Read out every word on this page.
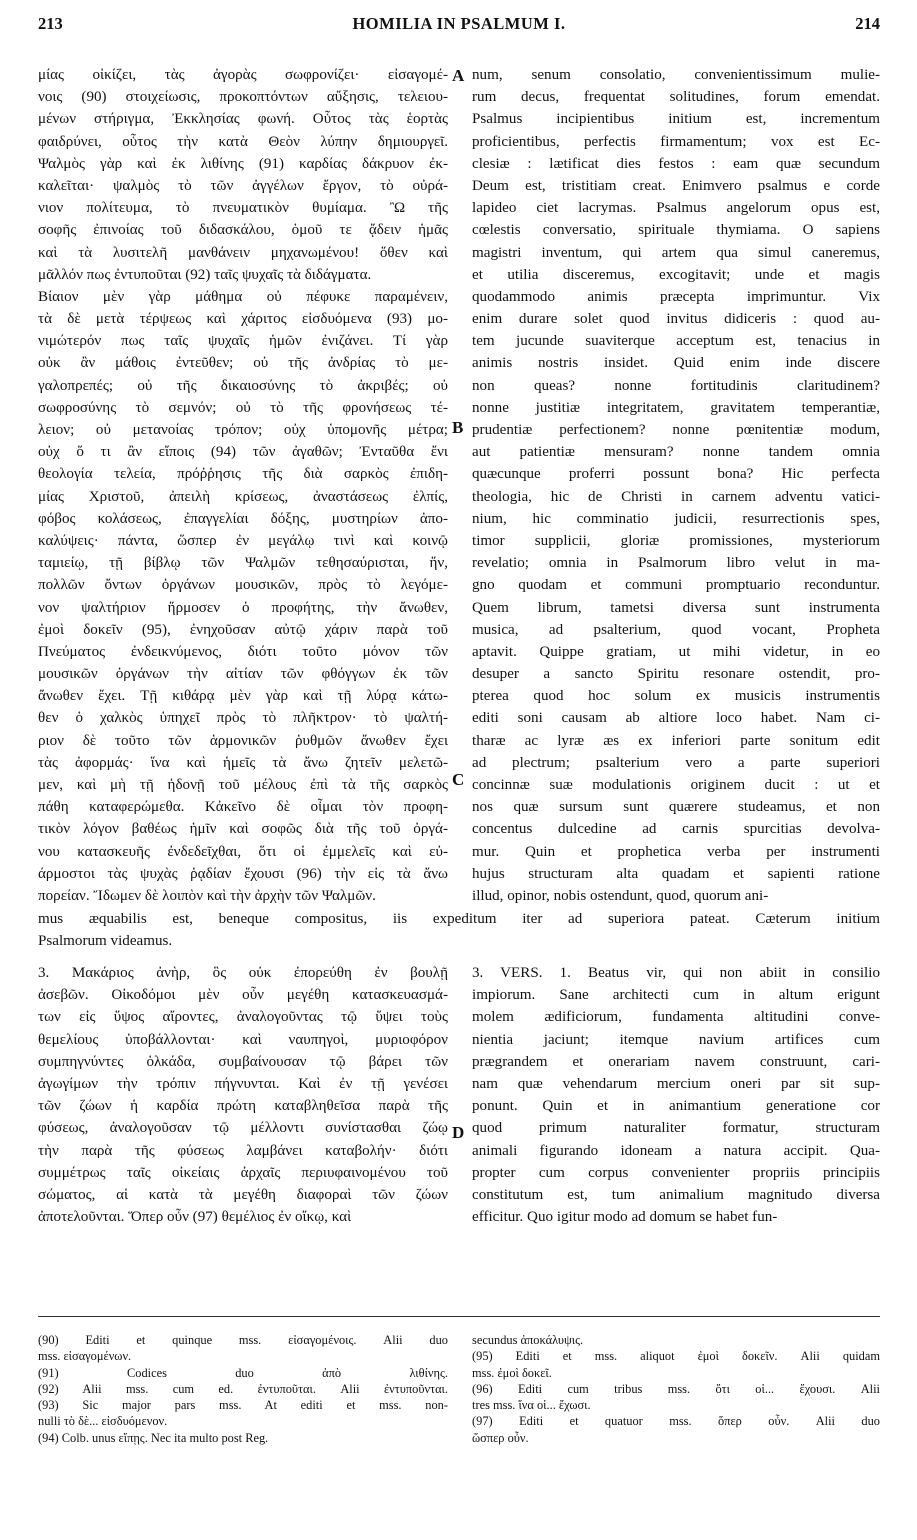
213	HOMILIA IN PSALMUM I.	214
A
B
C
D
μίας οἰκίζει, τὰς ἀγορὰς σωφρονίζει· εἰσαγομέ-
νοις (90) στοιχείωσις, προκοπτόντων αὔξησις, τελειου-
μένων στήριγμα, Ἐκκλησίας φωνή. Οὗτος τὰς ἑορτὰς
φαιδρύνει, οὗτος τὴν κατὰ Θεὸν λύπην δημιουργεῖ.
Ψαλμὸς γὰρ καὶ ἐκ λιθίνης (91) καρδίας δάκρυον ἐκ-
καλεῖται· ψαλμὸς τὸ τῶν ἀγγέλων ἔργον, τὸ οὐρά-
νιον πολίτευμα, τὸ πνευματικὸν θυμίαμα. Ὢ τῆς
σοφῆς ἐπινοίας τοῦ διδασκάλου, ὁμοῦ τε ᾄδειν ἡμᾶς
καὶ τὰ λυσιτελῆ μανθάνειν μηχανωμένου! ὅθεν καὶ
μᾶλλόν πως ἐντυποῦται (92) ταῖς ψυχαῖς τὰ διδάγματα.
Βίαιον μὲν γὰρ μάθημα οὐ πέφυκε παραμένειν,
τὰ δὲ μετὰ τέρψεως καὶ χάριτος εἰσδυόμενα (93) μο-
νιμώτερόν πως ταῖς ψυχαῖς ἡμῶν ἐνιζάνει. Τί γὰρ
οὐκ ἂν μάθοις ἐντεῦθεν; οὐ τῆς ἀνδρίας τὸ με-
γαλοπρεπές; οὐ τῆς δικαιοσύνης τὸ ἀκριβές; οὐ
σωφροσύνης τὸ σεμνόν; οὐ τὸ τῆς φρονήσεως τέ-
λειον; οὐ μετανοίας τρόπον; οὐχ ὑπομονῆς μέτρα;
οὐχ ὅ τι ἂν εἴποις (94) τῶν ἀγαθῶν; Ἐνταῦθα ἔνι
θεολογία τελεία, πρόῤῥησις τῆς διὰ σαρκὸς ἐπιδη-
μίας Χριστοῦ, ἀπειλὴ κρίσεως, ἀναστάσεως ἐλπίς,
φόβος κολάσεως, ἐπαγγελίαι δόξης, μυστηρίων ἀπο-
καλύψεις· πάντα, ὥσπερ ἐν μεγάλῳ τινὶ καὶ κοινῷ
ταμιείῳ, τῇ βίβλῳ τῶν Ψαλμῶν τεθησαύρισται, ἥν,
πολλῶν ὄντων ὀργάνων μουσικῶν, πρὸς τὸ λεγόμε-
νον ψαλτήριον ἥρμοσεν ὁ προφήτης, τὴν ἄνωθεν,
ἐμοὶ δοκεῖν (95), ἐνηχοῦσαν αὐτῷ χάριν παρὰ τοῦ
Πνεύματος ἐνδεικνύμενος, διότι τοῦτο μόνον τῶν
μουσικῶν ὀργάνων τὴν αἰτίαν τῶν φθόγγων ἐκ τῶν
ἄνωθεν ἔχει. Τῇ κιθάρᾳ μὲν γὰρ καὶ τῇ λύρᾳ κάτω-
θεν ὁ χαλκὸς ὑπηχεῖ πρὸς τὸ πλῆκτρον· τὸ ψαλτή-
ριον δὲ τοῦτο τῶν ἁρμονικῶν ῥυθμῶν ἄνωθεν ἔχει
τὰς ἀφορμάς· ἵνα καὶ ἡμεῖς τὰ ἄνω ζητεῖν μελετῶ-
μεν, καὶ μὴ τῇ ἡδονῇ τοῦ μέλους ἐπὶ τὰ τῆς σαρκὸς
πάθη καταφερώμεθα. Κἀκεῖνο δὲ οἶμαι τὸν προφη-
τικὸν λόγον βαθέως ἡμῖν καὶ σοφῶς διὰ τῆς τοῦ ὀργά-
νου κατασκευῆς ἐνδεδεῖχθαι, ὅτι οἱ ἐμμελεῖς καὶ εὐ-
άρμοστοι τὰς ψυχὰς ῥᾳδίαν ἔχουσι (96) τὴν εἰς τὰ ἄνω
πορείαν. Ἴδωμεν δὲ λοιπὸν καὶ τὴν ἀρχὴν τῶν Ψαλμῶν.
num, senum consolatio, convenientissimum mulie-
rum decus, frequentat solitudines, forum emendat.
Psalmus incipientibus initium est, incrementum
proficientibus, perfectis firmamentum; vox est Ec-
clesiæ : lætificat dies festos : eam quæ secundum
Deum est, tristitiam creat. Enimvero psalmus e corde
lapideo ciet lacrymas. Psalmus angelorum opus est,
cœlestis conversatio, spirituale thymiama. O sapiens
magistri inventum, qui artem qua simul caneremus,
et utilia disceremus, excogitavit; unde et magis
quodammodo animis præcepta imprimuntur. Vix
enim durare solet quod invitus didiceris : quod au-
tem jucunde suaviterque acceptum est, tenacius in
animis nostris insidet. Quid enim inde discere
non queas? nonne fortitudinis claritudinem?
nonne justitiæ integritatem, gravitatem temperantiæ,
prudentiæ perfectionem? nonne pœnitentiæ modum,
aut patientiæ mensuram? nonne tandem omnia
quæcunque proferri possunt bona? Hic perfecta
theologia, hic de Christi in carnem adventu vatici-
nium, hic comminatio judicii, resurrectionis spes,
timor supplicii, gloriæ promissiones, mysteriorum
revelatio; omnia in Psalmorum libro velut in ma-
gno quodam et communi promptuario reconduntur.
Quem librum, tametsi diversa sunt instrumenta
musica, ad psalterium, quod vocant, Propheta
aptavit. Quippe gratiam, ut mihi videtur, in eo
desuper a sancto Spiritu resonare ostendit, pro-
pterea quod hoc solum ex musicis instrumentis
editi soni causam ab altiore loco habet. Nam ci-
tharæ ac lyræ æs ex inferiori parte sonitum edit
ad plectrum; psalterium vero a parte superiori
concinnæ suæ modulationis originem ducit : ut et
nos quæ sursum sunt quærere studeamus, et non
concentus dulcedine ad carnis spurcitias devolva-
mur. Quin et prophetica verba per instrumenti
hujus structuram alta quadam et sapienti ratione
illud, opinor, nobis ostendunt, quod, quorum ani-
mus æquabilis est, beneque compositus, iis expeditum iter ad superiora pateat. Cæterum initium
Psalmorum videamus.
3. Μακάριος ἀνὴρ, ὃς οὐκ ἐπορεύθη ἐν βουλῇ
ἀσεβῶν. Οἰκοδόμοι μὲν οὖν μεγέθη κατασκευασμά-
των εἰς ὕψος αἴροντες, ἀναλογοῦντας τῷ ὕψει τοὺς
θεμελίους ὑποβάλλονται· καὶ ναυπηγοὶ, μυριοφόρον
συμπηγνύντες ὁλκάδα, συμβαίνουσαν τῷ βάρει τῶν
ἀγωγίμων τὴν τρόπιν πήγνυνται. Καὶ ἐν τῇ γενέσει
τῶν ζώων ἡ καρδία πρώτη καταβληθεῖσα παρὰ τῆς
φύσεως, ἀναλογοῦσαν τῷ μέλλοντι συνίστασθαι ζώῳ
τὴν παρὰ τῆς φύσεως λαμβάνει καταβολήν· διότι
συμμέτρως ταῖς οἰκείαις ἀρχαῖς περιυφαινομένου τοῦ
σώματος, αἱ κατὰ τὰ μεγέθη διαφοραὶ τῶν ζώων
ἀποτελοῦνται. Ὅπερ οὖν (97) θεμέλιος ἐν οἴκῳ, καὶ
3. VERS. 1. Beatus vir, qui non abiit in consilio
impiorum. Sane architecti cum in altum erigunt
molem ædificiorum, fundamenta altitudini conve-
nientia jaciunt; itemque navium artifices cum
prægrandem et onerariam navem construunt, cari-
nam quæ vehendarum mercium oneri par sit sup-
ponunt. Quin et in animantium generatione cor
quod primum naturaliter formatur, structuram
animali figurando idoneam a natura accipit. Qua-
propter cum corpus convenienter propriis principiis
constitutum est, tum animalium magnitudo diversa
efficitur. Quo igitur modo ad domum se habet fun-
(90) Editi et quinque mss. εἰσαγομένοις. Alii duo
mss. εἰσαγομένων.
(91) Codices duo ἀπὸ λιθίνης.
(92) Alii mss. cum ed. ἐντυποῦται. Alii ἐντυποῦνται.
(93) Sic major pars mss. At editi et mss. non-
nulli τὸ δὲ... εἰσδυόμενον.
(94) Colb. unus εἴπῃς. Nec ita multo post Reg.
secundus ἀποκάλυψις.
(95) Editi et mss. aliquot ἐμοὶ δοκεῖν. Alii quidam
mss. ἐμοὶ δοκεῖ.
(96) Editi cum tribus mss. ὅτι οἱ... ἔχουσι. Alii
tres mss. ἵνα οἱ... ἔχωσι.
(97) Editi et quatuor mss. ὅπερ οὖν. Alii duo
ὥσπερ οὖν.
